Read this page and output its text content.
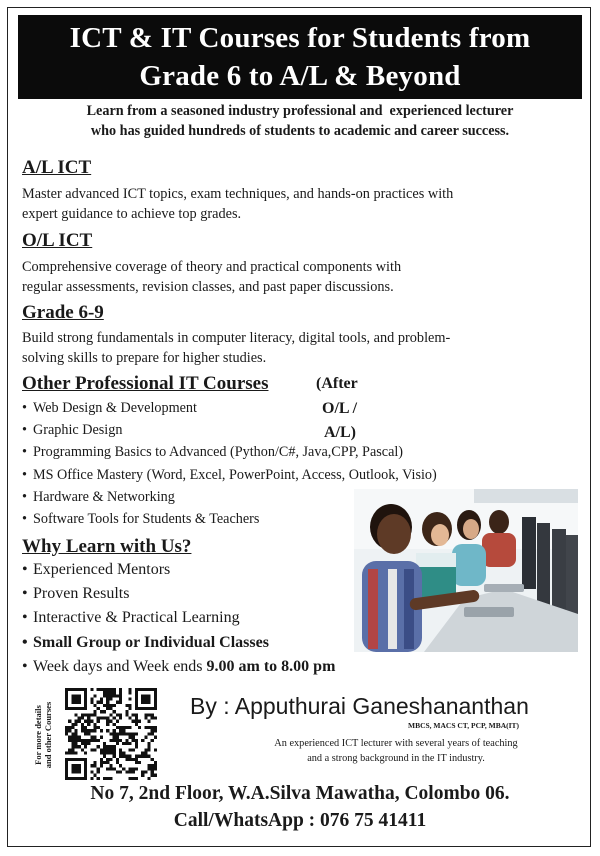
ICT & IT Courses for Students from
Grade 6 to A/L & Beyond
Learn from a seasoned industry professional and  experienced lecturer
who has guided hundreds of students to academic and career success.
A/L ICT
Master advanced ICT topics, exam techniques, and hands-on practices with
expert guidance to achieve top grades.
O/L ICT
Comprehensive coverage of theory and practical components with
regular assessments, revision classes, and past paper discussions.
Grade 6-9
Build strong fundamentals in computer literacy, digital tools, and problem-
solving skills to prepare for higher studies.
Other Professional IT Courses	(After
O/L /
A/L)
• Web Design & Development
• Graphic Design
• Programming Basics to Advanced (Python/C#, Java,CPP, Pascal)
• MS Office Mastery (Word, Excel, PowerPoint, Access, Outlook, Visio)
• Hardware & Networking
• Software Tools for Students & Teachers
Why Learn with Us?
• Experienced Mentors
• Proven Results
• Interactive & Practical Learning
• Small Group or Individual Classes
• Week days and Week ends 9.00 am to 8.00 pm
For more details and other Courses	By : Apputhurai Ganeshananthan
MBCS, MACS CT, PCP, MBA(IT)
An experienced ICT lecturer with several years of teaching
and a strong background in the IT industry.
No 7, 2nd Floor, W.A.Silva Mawatha, Colombo 06.
Call/WhatsApp : 076 75 41411
